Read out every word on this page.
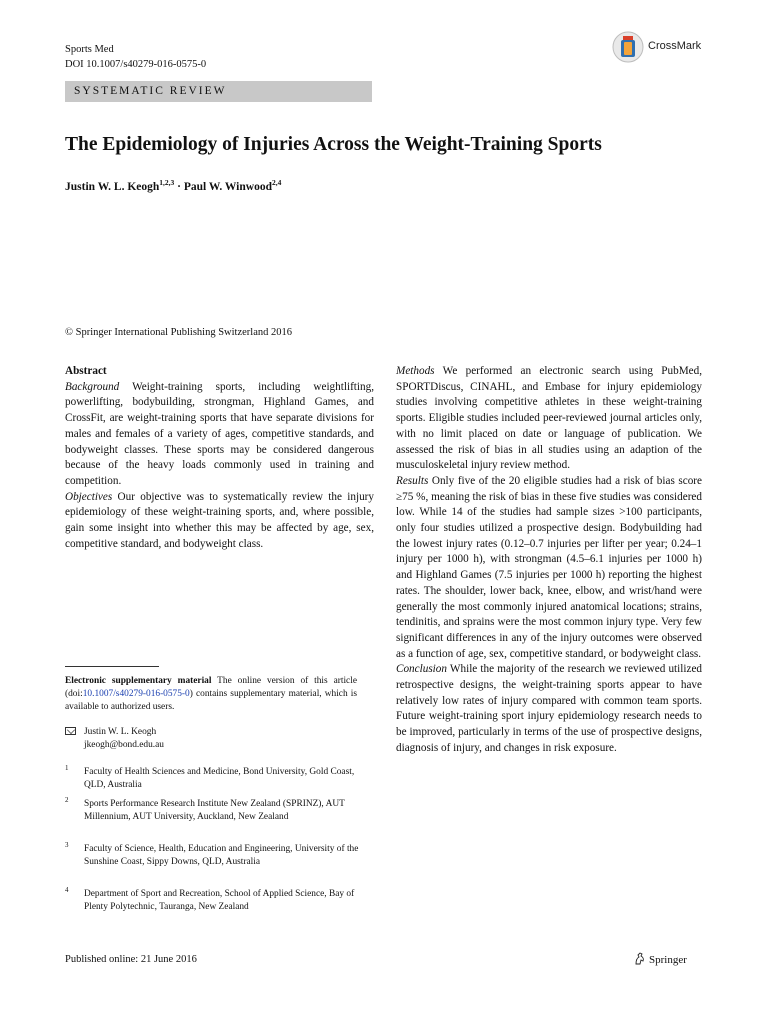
Sports Med
DOI 10.1007/s40279-016-0575-0
CrossMark
SYSTEMATIC REVIEW
The Epidemiology of Injuries Across the Weight-Training Sports
Justin W. L. Keogh$^{1,2,3}$ · Paul W. Winwood$^{2,4}$
© Springer International Publishing Switzerland 2016

Abstract

Background Weight-training sports, including weightlifting, powerlifting, bodybuilding, strongman, Highland Games, and CrossFit, are weight-training sports that have separate divisions for males and females of a variety of ages, competitive standards, and bodyweight classes. These sports may be considered dangerous because of the heavy loads commonly used in training and competition.

Objectives Our objective was to systematically review the injury epidemiology of these weight-training sports, and, where possible, gain some insight into whether this may be affected by age, sex, competitive standard, and bodyweight class.

Methods We performed an electronic search using PubMed, SPORTDiscus, CINAHL, and Embase for injury epidemiology studies involving competitive athletes in these weight-training sports. Eligible studies included peer-reviewed journal articles only, with no limit placed on date or language of publication. We assessed the risk of bias in all studies using an adaption of the musculoskeletal injury review method.

Results Only five of the 20 eligible studies had a risk of bias score ≥75 %, meaning the risk of bias in these five studies was considered low. While 14 of the studies had sample sizes >100 participants, only four studies utilized a prospective design. Bodybuilding had the lowest injury rates (0.12–0.7 injuries per lifter per year; 0.24–1 injury per 1000 h), with strongman (4.5–6.1 injuries per 1000 h) and Highland Games (7.5 injuries per 1000 h) reporting the highest rates. The shoulder, lower back, knee, elbow, and wrist/hand were generally the most commonly injured anatomical locations; strains, tendinitis, and sprains were the most common injury type. Very few significant differences in any of the injury outcomes were observed as a function of age, sex, competitive standard, or bodyweight class.

Conclusion While the majority of the research we reviewed utilized retrospective designs, the weight-training sports appear to have relatively low rates of injury compared with common team sports. Future weight-training sport injury epidemiology research needs to be improved, particularly in terms of the use of prospective designs, diagnosis of injury, and changes in risk exposure.

Electronic supplementary material The online version of this article (doi:10.1007/s40279-016-0575-0) contains supplementary material, which is available to authorized users.
Justin W. L. Keogh
jkeogh@bond.edu.au
1 Faculty of Health Sciences and Medicine, Bond University, Gold Coast, QLD, Australia
2 Sports Performance Research Institute New Zealand (SPRINZ), AUT Millennium, AUT University, Auckland, New Zealand
3 Faculty of Science, Health, Education and Engineering, University of the Sunshine Coast, Sippy Downs, QLD, Australia
4 Department of Sport and Recreation, School of Applied Science, Bay of Plenty Polytechnic, Tauranga, New Zealand
Published online: 21 June 2016	Springer
